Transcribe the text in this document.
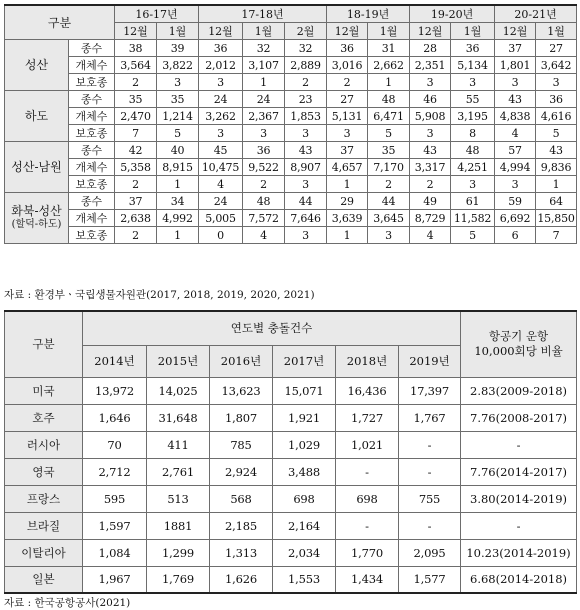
구분		16-17년		17-18년			18-19년		19-20년		20-21년	
		12월	1월	12월	1월	2월	12월	1월	12월	1월	12월	1월
성산	종수	38	39	36	32	32	36	31	28	36	37	27
	개체수	3,564	3,822	2,012	3,107	2,889	3,016	2,662	2,351	5,134	1,801	3,642
	보호종	2	3	3	1	2	2	1	3	3	3	3
하도	종수	35	35	24	24	23	27	48	46	55	43	36
	개체수	2,470	1,214	3,262	2,367	1,853	5,131	6,471	5,908	3,195	4,838	4,616
	보호종	7	5	3	3	3	3	5	3	8	4	5
성산-남원	종수	42	40	45	36	43	37	35	43	48	57	43
	개체수	5,358	8,915	10,475	9,522	8,907	4,657	7,170	3,317	4,251	4,994	9,836
	보호종	2	1	4	2	3	1	2	2	3	3	1
화북-성산
(할덕-하도)	종수	37	34	24	48	44	29	44	49	61	59	64
	개체수	2,638	4,992	5,005	7,572	7,646	3,639	3,645	8,729	11,582	6,692	15,850
	보호종	2	1	0	4	3	1	3	4	5	6	7
자료 : 환경부ㆍ국립생물자원관(2017, 2018, 2019, 2020, 2021)
구분	연도별 충돌건수						항공기 운항
10,000회당 비율
	2014년	2015년	2016년	2017년	2018년	2019년	
미국	13,972	14,025	13,623	15,071	16,436	17,397	2.83(2009-2018)
호주	1,646	31,648	1,807	1,921	1,727	1,767	7.76(2008-2017)
러시아	70	411	785	1,029	1,021	-	-
영국	2,712	2,761	2,924	3,488	-	-	7.76(2014-2017)
프랑스	595	513	568	698	698	755	3.80(2014-2019)
브라질	1,597	1881	2,185	2,164	-	-	-
이탈리아	1,084	1,299	1,313	2,034	1,770	2,095	10.23(2014-2019)
일본	1,967	1,769	1,626	1,553	1,434	1,577	6.68(2014-2018)
자료 : 한국공항공사(2021)
